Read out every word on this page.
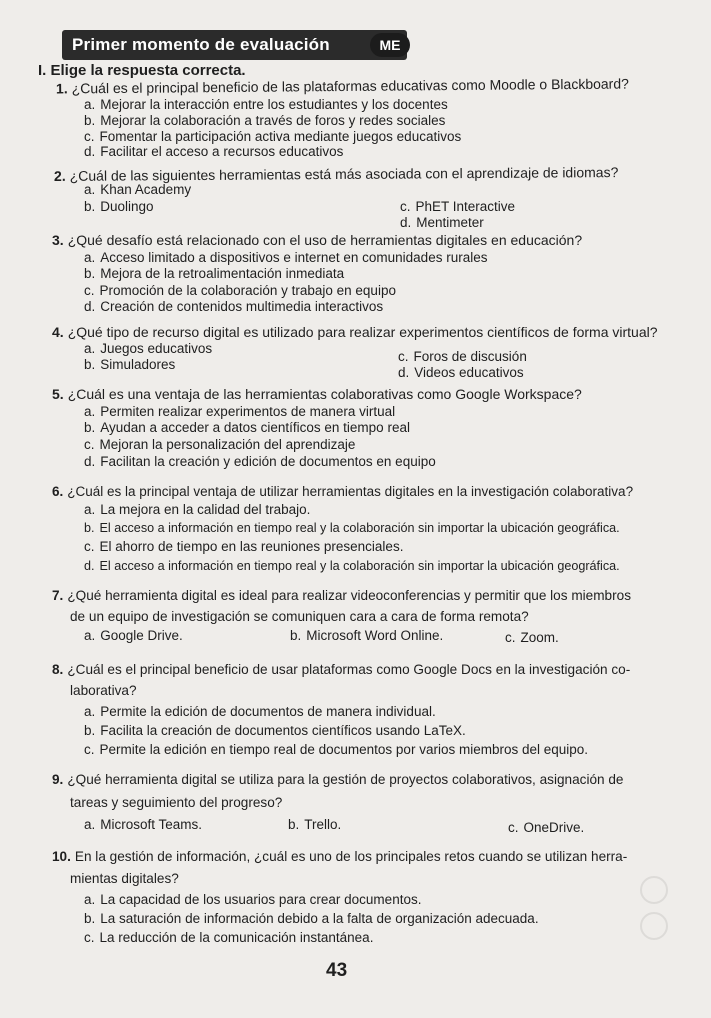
Primer momento de evaluación	ME
I. Elige la respuesta correcta.
1. ¿Cuál es el principal beneficio de las plataformas educativas como Moodle o Blackboard?
a. Mejorar la interacción entre los estudiantes y los docentes
b. Mejorar la colaboración a través de foros y redes sociales
c. Fomentar la participación activa mediante juegos educativos
d. Facilitar el acceso a recursos educativos
2. ¿Cuál de las siguientes herramientas está más asociada con el aprendizaje de idiomas?
a. Khan Academy
b. Duolingo	c. PhET Interactive
d. Mentimeter
3. ¿Qué desafío está relacionado con el uso de herramientas digitales en educación?
a. Acceso limitado a dispositivos e internet en comunidades rurales
b. Mejora de la retroalimentación inmediata
c. Promoción de la colaboración y trabajo en equipo
d. Creación de contenidos multimedia interactivos
4. ¿Qué tipo de recurso digital es utilizado para realizar experimentos científicos de forma virtual?
a. Juegos educativos
b. Simuladores
c. Foros de discusión
d. Videos educativos
5. ¿Cuál es una ventaja de las herramientas colaborativas como Google Workspace?
a. Permiten realizar experimentos de manera virtual
b. Ayudan a acceder a datos científicos en tiempo real
c. Mejoran la personalización del aprendizaje
d. Facilitan la creación y edición de documentos en equipo
6. ¿Cuál es la principal ventaja de utilizar herramientas digitales en la investigación colaborativa?
a. La mejora en la calidad del trabajo.
b. El acceso a información en tiempo real y la colaboración sin importar la ubicación geográfica.
c. El ahorro de tiempo en las reuniones presenciales.
d. El acceso a información en tiempo real y la colaboración sin importar la ubicación geográfica.
7. ¿Qué herramienta digital es ideal para realizar videoconferencias y permitir que los miembros
de un equipo de investigación se comuniquen cara a cara de forma remota?
a. Google Drive.	b. Microsoft Word Online.	c. Zoom.
8. ¿Cuál es el principal beneficio de usar plataformas como Google Docs en la investigación co-
laborativa?
a. Permite la edición de documentos de manera individual.
b. Facilita la creación de documentos científicos usando LaTeX.
c. Permite la edición en tiempo real de documentos por varios miembros del equipo.
9. ¿Qué herramienta digital se utiliza para la gestión de proyectos colaborativos, asignación de
tareas y seguimiento del progreso?
a. Microsoft Teams.	b. Trello.	c. OneDrive.
10. En la gestión de información, ¿cuál es uno de los principales retos cuando se utilizan herra-
mientas digitales?
a. La capacidad de los usuarios para crear documentos.
b. La saturación de información debido a la falta de organización adecuada.
c. La reducción de la comunicación instantánea.
43
